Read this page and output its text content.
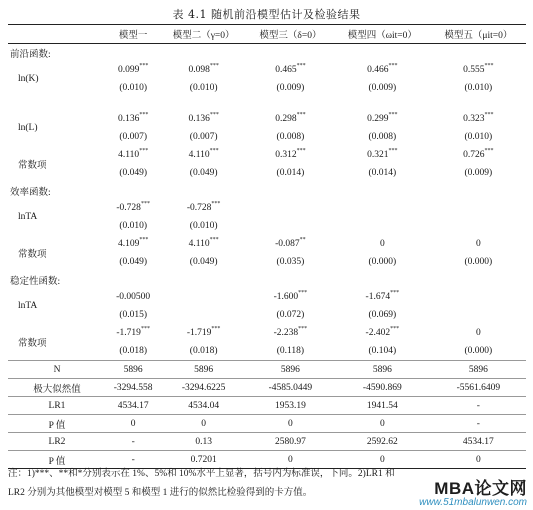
表 4.1 随机前沿模型估计及检验结果
	模型一	模型二（γ=0）	模型三（δ=0）	模型四（ωit=0）	模型五（μit=0）
前沿函数:					
ln(K)	0.099***	0.098***	0.465***	0.466***	0.555***
	(0.010)	(0.010)	(0.009)	(0.009)	(0.010)

ln(L)	0.136***	0.136***	0.298***	0.299***	0.323***
	(0.007)	(0.007)	(0.008)	(0.008)	(0.010)
常数项	4.110***	4.110***	0.312***	0.321***	0.726***
	(0.049)	(0.049)	(0.014)	(0.014)	(0.009)
效率函数:					
lnTA	-0.728***	-0.728***			
	(0.010)	(0.010)			
常数项	4.109***	4.110***	-0.087**	0	0
	(0.049)	(0.049)	(0.035)	(0.000)	(0.000)
稳定性函数:					
lnTA	-0.00500		-1.600***	-1.674***	
	(0.015)		(0.072)	(0.069)	
常数项	-1.719***	-1.719***	-2.238***	-2.402***	0
	(0.018)	(0.018)	(0.118)	(0.104)	(0.000)
N	5896	5896	5896	5896	5896
极大似然值	-3294.558	-3294.6225	-4585.0449	-4590.869	-5561.6409
LR1	4534.17	4534.04	1953.19	1941.54	-
P 值	0	0	0	0	-
LR2	-	0.13	2580.97	2592.62	4534.17
P 值	-	0.7201	0	0	0
注：1)***、**和*分别表示在 1%、5%和 10%水平上显著，括号内为标准误，下同。2)LR1 和
LR2 分别为其他模型对模型 5 和模型 1 进行的似然比检验得到的卡方值。	MBA论文网
www.51mbalunwen.com
